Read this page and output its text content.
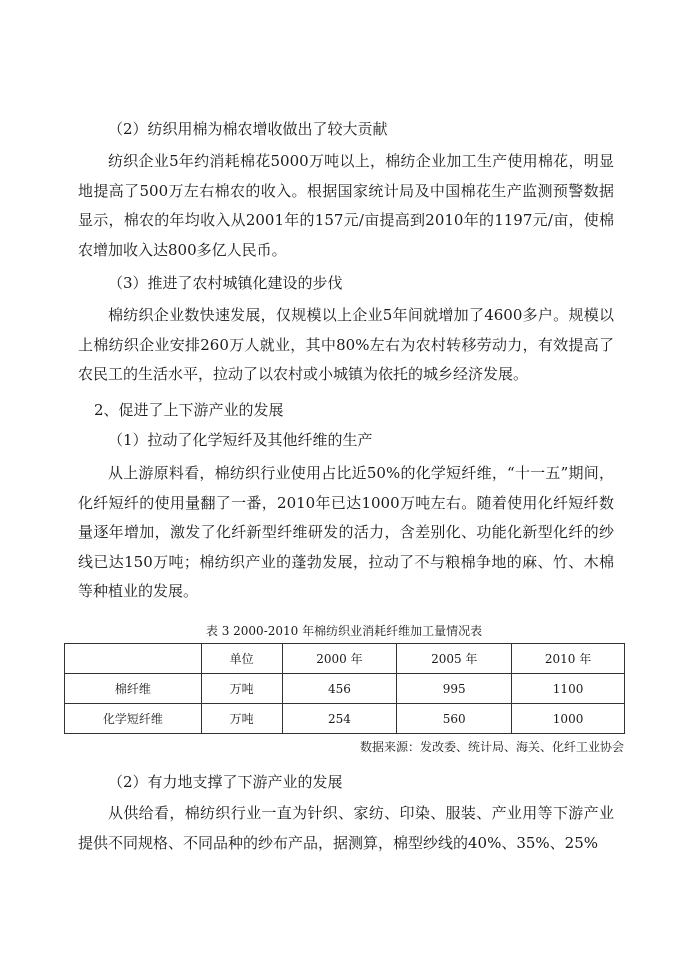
（2）纺织用棉为棉农增收做出了较大贡献
纺织企业5年约消耗棉花5000万吨以上，棉纺企业加工生产使用棉花，明显地提高了500万左右棉农的收入。根据国家统计局及中国棉花生产监测预警数据显示，棉农的年均收入从2001年的157元/亩提高到2010年的1197元/亩，使棉农增加收入达800多亿人民币。
（3）推进了农村城镇化建设的步伐
棉纺织企业数快速发展，仅规模以上企业5年间就增加了4600多户。规模以上棉纺织企业安排260万人就业，其中80%左右为农村转移劳动力，有效提高了农民工的生活水平，拉动了以农村或小城镇为依托的城乡经济发展。
2、促进了上下游产业的发展
（1）拉动了化学短纤及其他纤维的生产
从上游原料看，棉纺织行业使用占比近50%的化学短纤维，“十一五”期间，化纤短纤的使用量翻了一番，2010年已达1000万吨左右。随着使用化纤短纤数量逐年增加，激发了化纤新型纤维研发的活力，含差别化、功能化新型化纤的纱线已达150万吨；棉纺织产业的蓬勃发展，拉动了不与粮棉争地的麻、竹、木棉等种植业的发展。
表 3 2000-2010 年棉纺织业消耗纤维加工量情况表
	单位	2000 年	2005 年	2010 年
棉纤维	万吨	456	995	1100
化学短纤维	万吨	254	560	1000
数据来源：发改委、统计局、海关、化纤工业协会
（2）有力地支撑了下游产业的发展
从供给看，棉纺织行业一直为针织、家纺、印染、服装、产业用等下游产业提供不同规格、不同品种的纱布产品，据测算，棉型纱线的40%、35%、25%
